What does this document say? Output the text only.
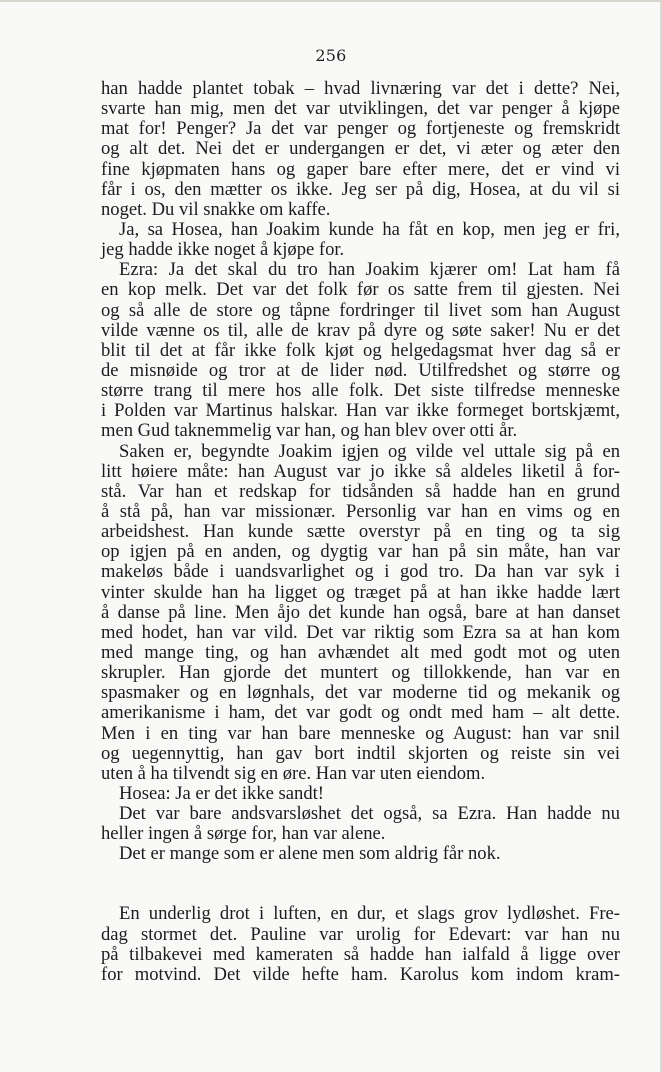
256
han hadde plantet tobak – hvad livnæring var det i dette? Nei,
svarte han mig, men det var utviklingen, det var penger å kjøpe
mat for! Penger? Ja det var penger og fortjeneste og fremskridt
og alt det. Nei det er undergangen er det, vi æter og æter den
fine kjøpmaten hans og gaper bare efter mere, det er vind vi
får i os, den mætter os ikke. Jeg ser på dig, Hosea, at du vil si
noget. Du vil snakke om kaffe.
Ja, sa Hosea, han Joakim kunde ha fåt en kop, men jeg er fri,
jeg hadde ikke noget å kjøpe for.
Ezra: Ja det skal du tro han Joakim kjærer om! Lat ham få
en kop melk. Det var det folk før os satte frem til gjesten. Nei
og så alle de store og tåpne fordringer til livet som han August
vilde vænne os til, alle de krav på dyre og søte saker! Nu er det
blit til det at får ikke folk kjøt og helgedagsmat hver dag så er
de misnøide og tror at de lider nød. Utilfredshet og større og
større trang til mere hos alle folk. Det siste tilfredse menneske
i Polden var Martinus halskar. Han var ikke formeget bortskjæmt,
men Gud taknemmelig var han, og han blev over otti år.
Saken er, begyndte Joakim igjen og vilde vel uttale sig på en
litt høiere måte: han August var jo ikke så aldeles liketil å for-
stå. Var han et redskap for tidsånden så hadde han en grund
å stå på, han var missionær. Personlig var han en vims og en
arbeidshest. Han kunde sætte overstyr på en ting og ta sig
op igjen på en anden, og dygtig var han på sin måte, han var
makeløs både i uandsvarlighet og i god tro. Da han var syk i
vinter skulde han ha ligget og træget på at han ikke hadde lært
å danse på line. Men åjo det kunde han også, bare at han danset
med hodet, han var vild. Det var riktig som Ezra sa at han kom
med mange ting, og han avhændet alt med godt mot og uten
skrupler. Han gjorde det muntert og tillokkende, han var en
spasmaker og en løgnhals, det var moderne tid og mekanik og
amerikanisme i ham, det var godt og ondt med ham – alt dette.
Men i en ting var han bare menneske og August: han var snil
og uegennyttig, han gav bort indtil skjorten og reiste sin vei
uten å ha tilvendt sig en øre. Han var uten eiendom.
Hosea: Ja er det ikke sandt!
Det var bare andsvarsløshet det også, sa Ezra. Han hadde nu
heller ingen å sørge for, han var alene.
Det er mange som er alene men som aldrig får nok.
En underlig drot i luften, en dur, et slags grov lydløshet. Fre-
dag stormet det. Pauline var urolig for Edevart: var han nu
på tilbakevei med kameraten så hadde han ialfald å ligge over
for motvind. Det vilde hefte ham. Karolus kom indom kram-
